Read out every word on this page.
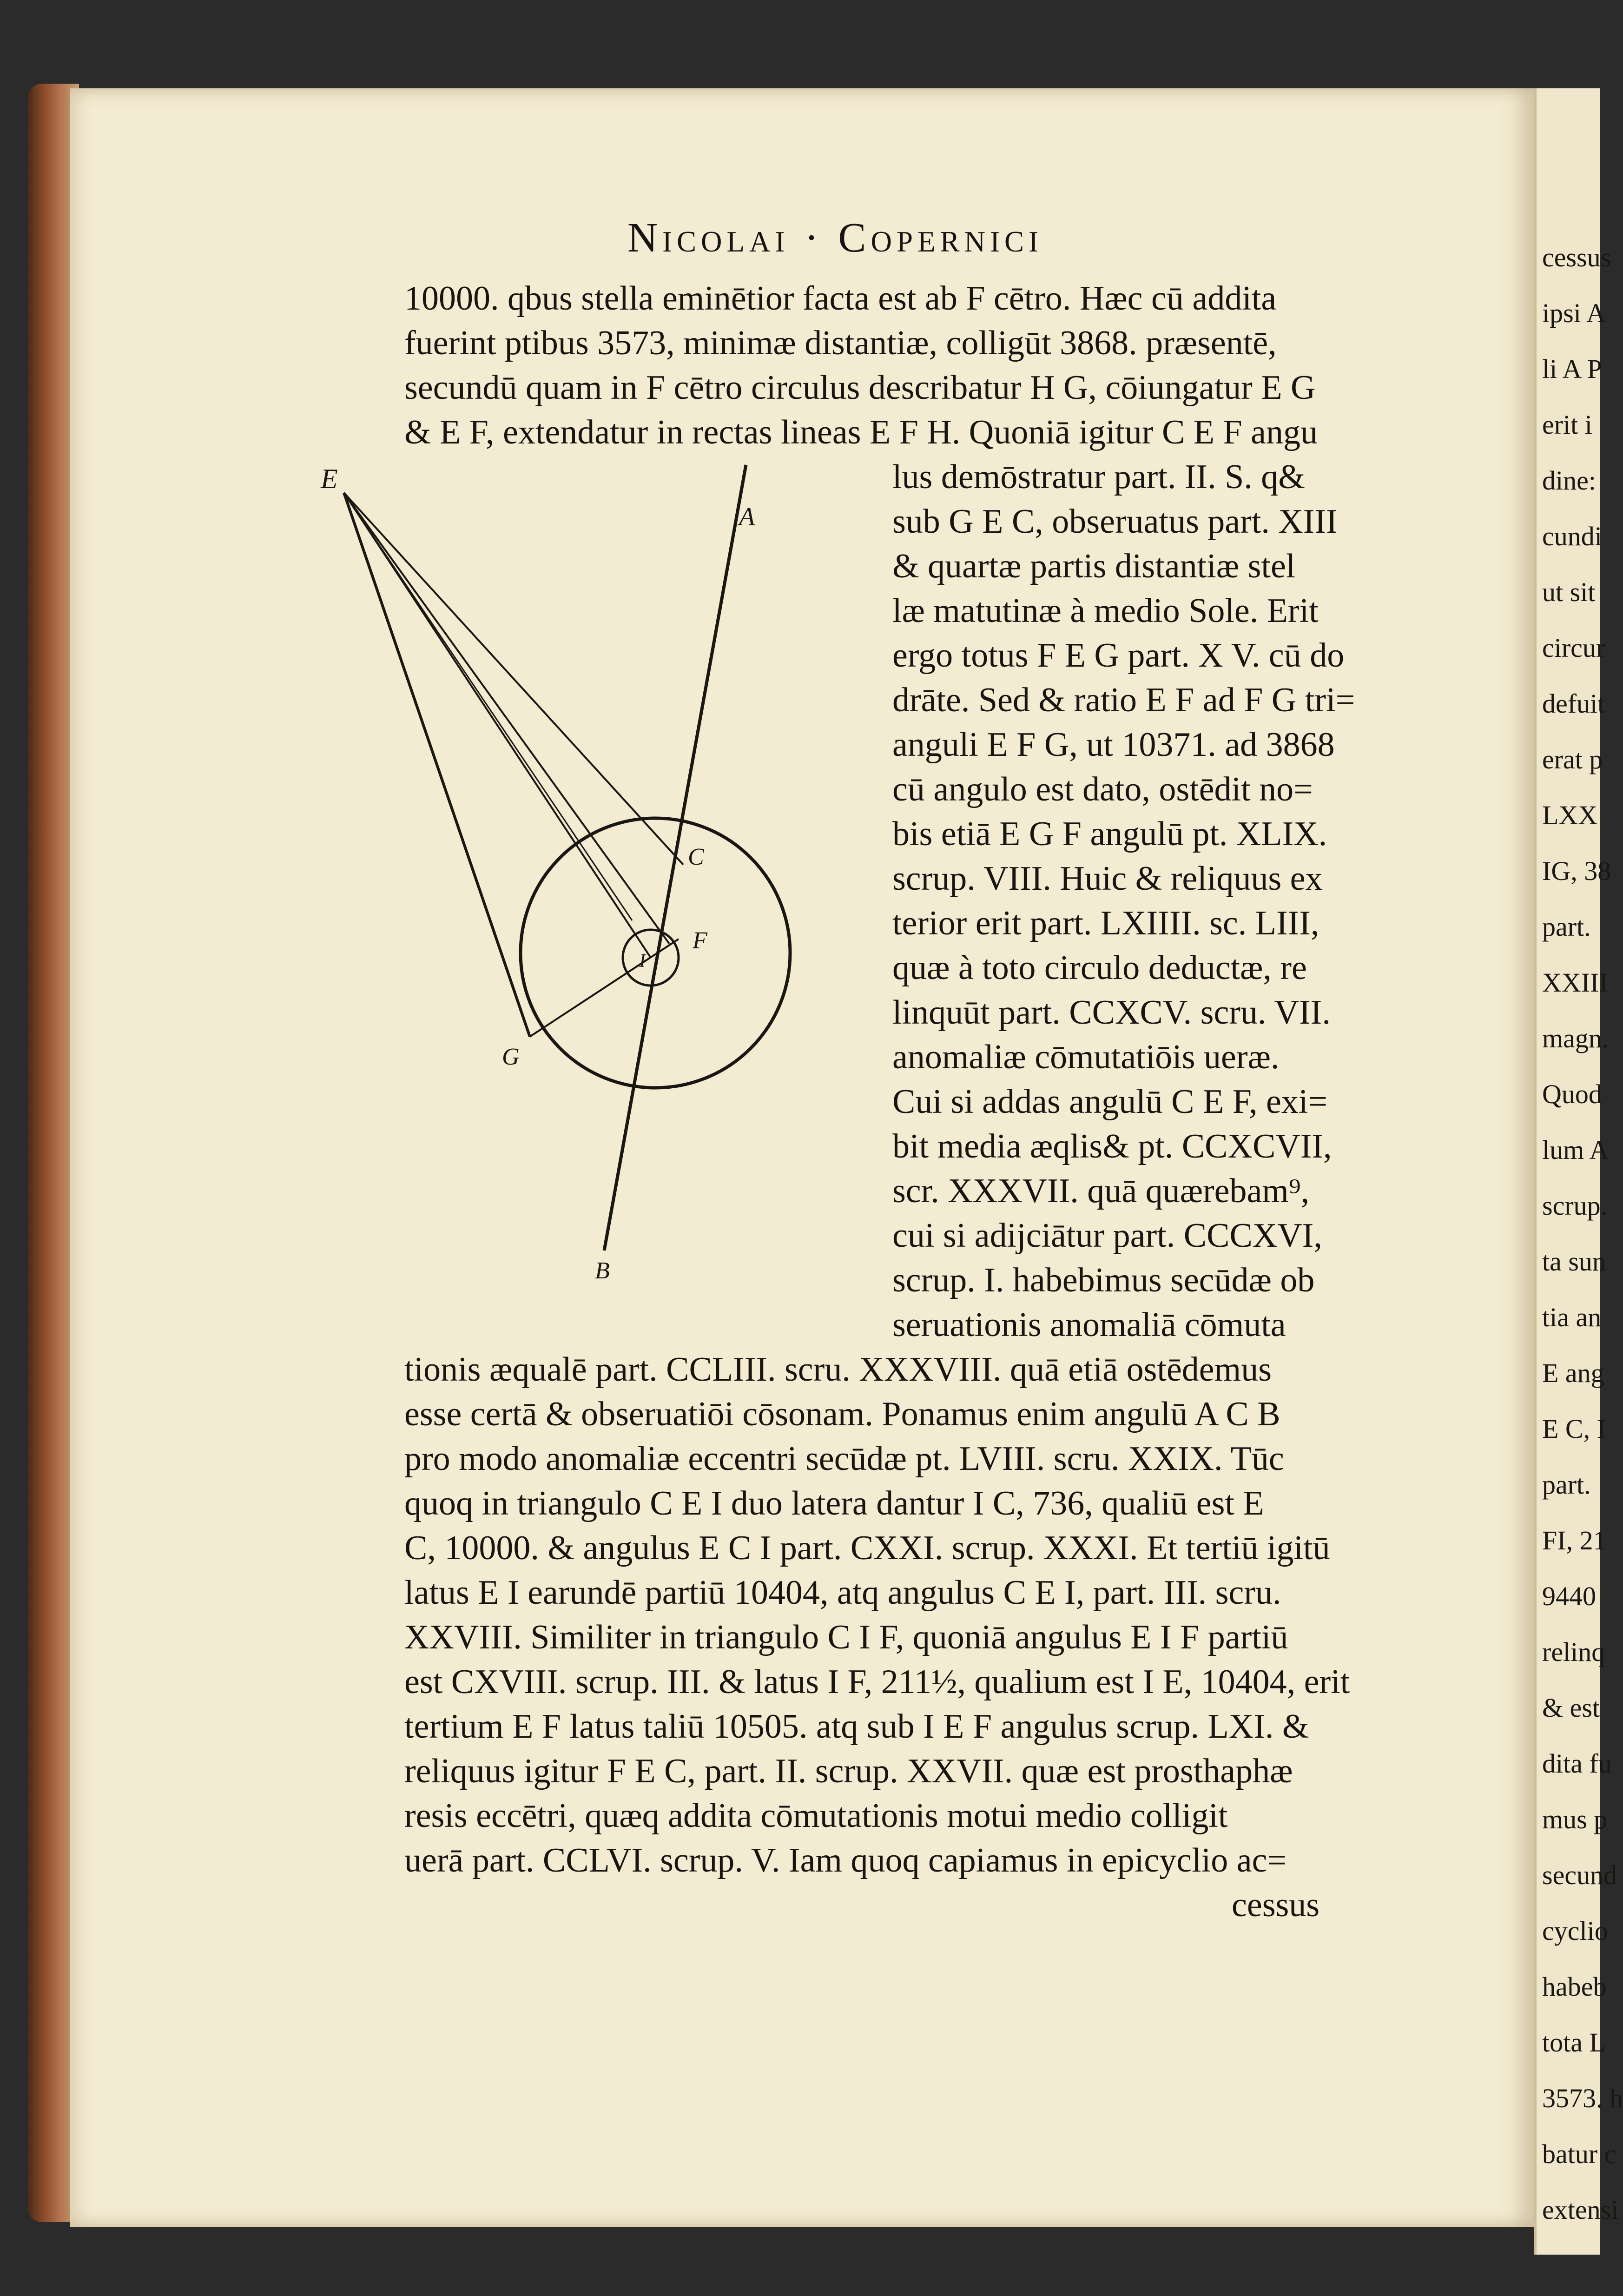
Nicolai · Copernici
E
A
C
F
I
G
B
10000. qbus stella eminētior facta est ab F cētro. Hæc cū addita
fuerint ptibus 3573, minimæ distantiæ, colligūt 3868. præsentē,
secundū quam in F cētro circulus describatur H G, cōiungatur E G
& E F, extendatur in rectas lineas E F H. Quoniā igitur C E F angu
lus demōstratur part. II. S. q&
sub G E C, obseruatus part. XIII
& quartæ partis distantiæ stel
læ matutinæ à medio Sole. Erit
ergo totus F E G part. X V. cū do
drāte. Sed & ratio E F ad F G tri=
anguli E F G, ut 10371. ad 3868
cū angulo est dato, ostēdit no=
bis etiā E G F angulū pt. XLIX.
scrup. VIII. Huic & reliquus ex
terior erit part. LXIIII. sc. LIII,
quæ à toto circulo deductæ, re
linquūt part. CCXCV. scru. VII.
anomaliæ cōmutatiōis ueræ.
Cui si addas angulū C E F, exi=
bit media æqlis& pt. CCXCVII,
scr. XXXVII. quā quærebam⁹,
cui si adijciātur part. CCCXVI,
scrup. I. habebimus secūdæ ob
seruationis anomaliā cōmuta
tionis æqualē part. CCLIII. scru. XXXVIII. quā etiā ostēdemus
esse certā & obseruatiōi cōsonam. Ponamus enim angulū A C B
pro modo anomaliæ eccentri secūdæ pt. LVIII. scru. XXIX. Tūc
quoq in triangulo C E I duo latera dantur I C, 736, qualiū est E
C, 10000. & angulus E C I part. CXXI. scrup. XXXI. Et tertiū igitū
latus E I earundē partiū 10404, atq angulus C E I, part. III. scru.
XXVIII. Similiter in triangulo C I F, quoniā angulus E I F partiū
est CXVIII. scrup. III. & latus I F, 211½, qualium est I E, 10404, erit
tertium E F latus taliū 10505. atq sub I E F angulus scrup. LXI. &
reliquus igitur F E C, part. II. scrup. XXVII. quæ est prosthaphæ
resis eccētri, quæq addita cōmutationis motui medio colligit
uerā part. CCLVI. scrup. V. Iam quoq capiamus in epicyclio ac=
cessus
cessus
ipsi A
li A P
erit i
dine:
cundi
ut sit
circur
defuit
erat p
LXX
IG, 38
part.
XXIII
magn.
Quod
lum A
scrup.
ta sun
tia an
E ang
E C, I
part.
FI, 21
9440
relinq
& est
dita fu
mus p
secund
cyclio
habeb
tota L
3573. h
batur c
extensi
